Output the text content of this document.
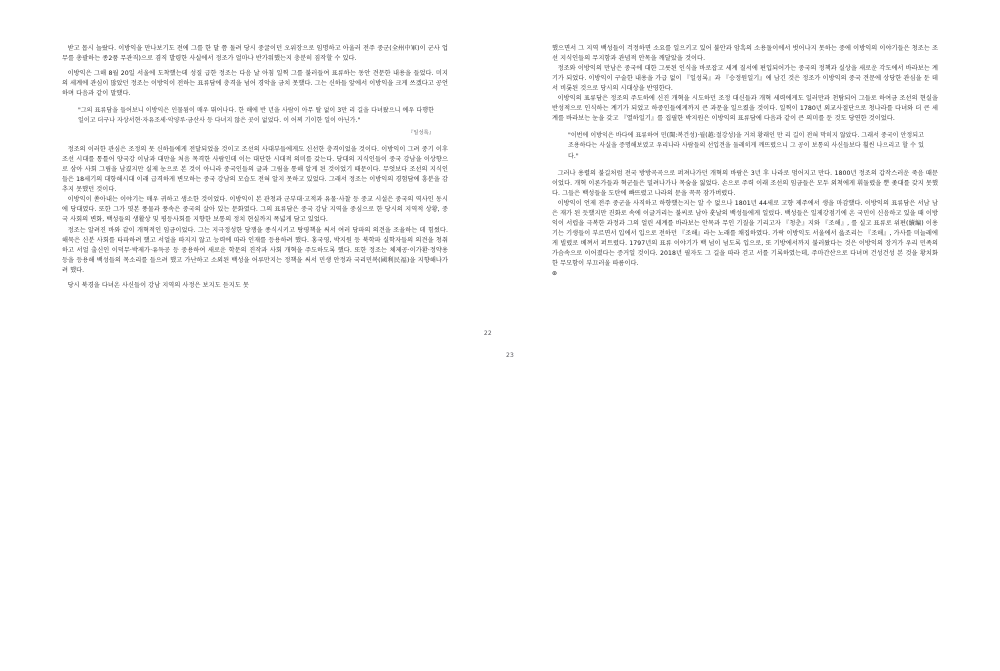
받고 몹시 놀랐다. 이방익을 만나보기도 전에 그를 한 달 쯤 돌려 당시 중굴이던 오위장으로 임명하고 아울러 전주 중군(全州中軍)이 군사 업무를 총괄하는 종2품 무관직)으로 겸직 발령한 사실에서 정조가 얼마나 반가워했는지 충분히 짐작할 수 있다.

이방익은 그해 8월 20일 서울에 도착했는데 성질 급한 정조는 다음 날 아침 일찍 그를 불러들여 표류하는 동안 견문한 내용을 들었다. 미지의 세계에 관심이 많았던 정조는 이방익이 전하는 표류담에 충격을 넘어 경악을 금치 못했다. 그는 신하들 앞에서 이방익을 크게 쓰겠다고 공언하며 다음과 같이 말했다.

"그의 표류담을 들어보니 이방익은 인물됨이 매우 뛰어나다. 한 해에 반 년을 사람이 아무 탈 없이 3만 리 길을 다녀왔으니 예우 다행한 일이고 더구나 자상서현·자유조세·악양루·금산사 등 다녀지 않은 곳이 없었다. 이 어찌 기이한 일이 아닌가."

『일성록』

정조의 이러한 관심은 조정의 뭇 신하들에게 전달되었을 것이고 조선의 사대부들에게도 신선한 충격이었을 것이다. 이방익이 그려 중기 이후 조선 시대를 통틀어 양국강 이남과 대만을 처음 목격한 사람인데 이는 대단한 시대적 의미를 갖는다. 당대의 지식인들이 중국 강남을 이상향으로 삼아 사회 그림을 남겼지만 실제 눈으로 본 것이 아니라 중국인들의 글과 그림을 통해 알게 된 것이었기 때문이다. 무엇보다 조선의 지식인들은 18세기의 대항해시대 이래 급격하게 변모하는 중국 강남의 모습도 전혀 알지 못하고 있었다. 그래서 정조는 이방익의 경험담에 흥분을 감추지 못했던 것이다.

이방익이 쏟아내는 이야기는 매우 귀하고 생소한 것이었다. 이방익이 본 관청과 군부대·고적과 유물·사찰 등 중교 시설은 중국의 역사인 동시에 당대였다. 또한 그가 엿본 풍물과 풍속은 중국의 살아 있는 문화였다. 그의 표류담은 중국 강남 지역을 중심으로 한 당시의 지역적 상황, 중국 사회의 변화, 백성들의 생활상 및 평등사회를 지향한 보통의 정치 현실까지 폭넓게 담고 있었다.

정조는 알려진 바와 같이 개혁적인 임금이었다. 그는 지극정성한 당쟁을 종식시키고 탕평책을 써서 여러 당파의 의견을 조율하는 데 힘썼다. 해묵은 신분 사회를 타파하려 했고 서얼을 따지지 않고 능력에 따라 인재를 등용하려 했다. 홍국영, 박지원 등 북학파 실학자들의 의견을 청취하고 서얼 출신인 이덕무·박제가·유득공 등 중용하여 새로운 학문의 진작과 사회 개혁을 주도하도록 했다. 또한 정조는 체제공·이가환·정약용 등을 등용해 백성들의 목소리를 들으려 했고 가난하고 소외된 백성을 어루만지는 정책을 써서 민생 안정과 국리민복(國利民福)을 지향해나가려 했다.

당시 북경을 다녀온 사신들이 강남 지역의 사정은 보지도 듣지도 못

22

했으면서 그 지역 백성들이 걱정하면 소요를 일으키고 있어 불안과 암흑의 소용돌이에서 벗어나지 못하는 중에 이방익의 이야기들은 청조는 조선 지식인들의 무지함과 관념적 안목을 깨달았을 것이다.

정조와 이방익의 만남은 중국에 대한 그릇된 인식을 바로잡고 세계 질서에 편입되어가는 중국의 정책과 실상을 새로운 각도에서 바라보는 계기가 되었다. 이방익이 구술한 내용을 가급 없이 『일성록』과 『승정원일기』에 남긴 것은 정조가 이방익의 중국 견문에 상당한 관심을 둔 데서 비롯된 것으로 당시의 시대상을 반영한다.

이방익의 표류담은 정조의 주도하에 신진 개혁을 시도하던 조정 대신들과 개혁 세력에게도 일러만과 천탐되어 그들로 하여금 조선의 현실을 반성적으로 인식하는 계기가 되었고 하중인들에게까지 큰 과문을 일으켰을 것이다. 일찍이 1780년 외교사절단으로 청나라를 다녀와 더 큰 세계를 바라보는 눈을 갖고 『열하일기』를 집필한 박지원은 이방익의 표류담에 다음과 같이 큰 의미를 둔 것도 당연한 것이었다.

"이번에 이방익은 바다에 표류하여 민(閩:복건성)·월(越:절강성)을 거쳐 황래인 만 리 길이 전혀 막히지 않았다. 그래서 중국이 안정되고 조용하다는 사실을 증명해보였고 우리나라 사람들의 선입견을 둘레히게 깨뜨렸으니 그 공이 보통의 사신들보다 훨씬 나으리고 할 수 있다."

그러나 용렬의 불길처럼 전국 방방곡곡으로 퍼져나가던 개혁의 바람은 3년 후 나라로 멈어지고 만다. 1800년 정조의 갑작스러운 죽음 때문이었다. 개혁 이론가들과 혁군들은 밀려나가나 목숨을 잃었다. 손으로 주력 이래 조선의 임금들은 모두 외척에게 휘둘렸을 뿐 좆대를 갖지 못했다. 그들은 백성들을 도탄에 빠뜨렸고 나라의 문을 꼭꼭 잠가버렸다.

이방익이 언제 전주 중군을 사직하고 하향했는지는 알 수 없으나 1801년 44세로 고향 제주에서 생을 마감했다. 이방익의 표류담은 서남 남은 재가 된 듯했지만 진화로 속에 이글거리는 불씨로 남아 훗날의 백성들에게 일렀다. 백성들은 일제강점기에 온 국민이 신음하고 있을 때 이방익이 서럽을 극복한 과정과 그의 얼린 세계를 바라보는 안목과 무인 기질을 기리고자 『청춘』지와 『조해』, 를 실고 표류로 위편(續編) 이용기는 기생들이 부르면서 입에서 입으로 전하던 『조해』라는 노래를 채집하였다. 가락 이방익도 서울에서 읊조리는 『조해』, 가사를 미늘레에게 빌렸로 베껴서 퍼트렸다. 1797년의 표류 이야기가 백 넘이 넘도록 입으로, 또 기방에서까지 불러왔다는 것은 이방익의 장거가 우리 민족의 가슴속으로 이어졌다는 증거일 것이다. 2018년 필자도 그 길을 따라 걷고 서를 기록하였는데, 주마간산으로 다녀며 건성건성 본 것을 황치화한 무모함이 부끄러울 따름이다.

⊛
23
